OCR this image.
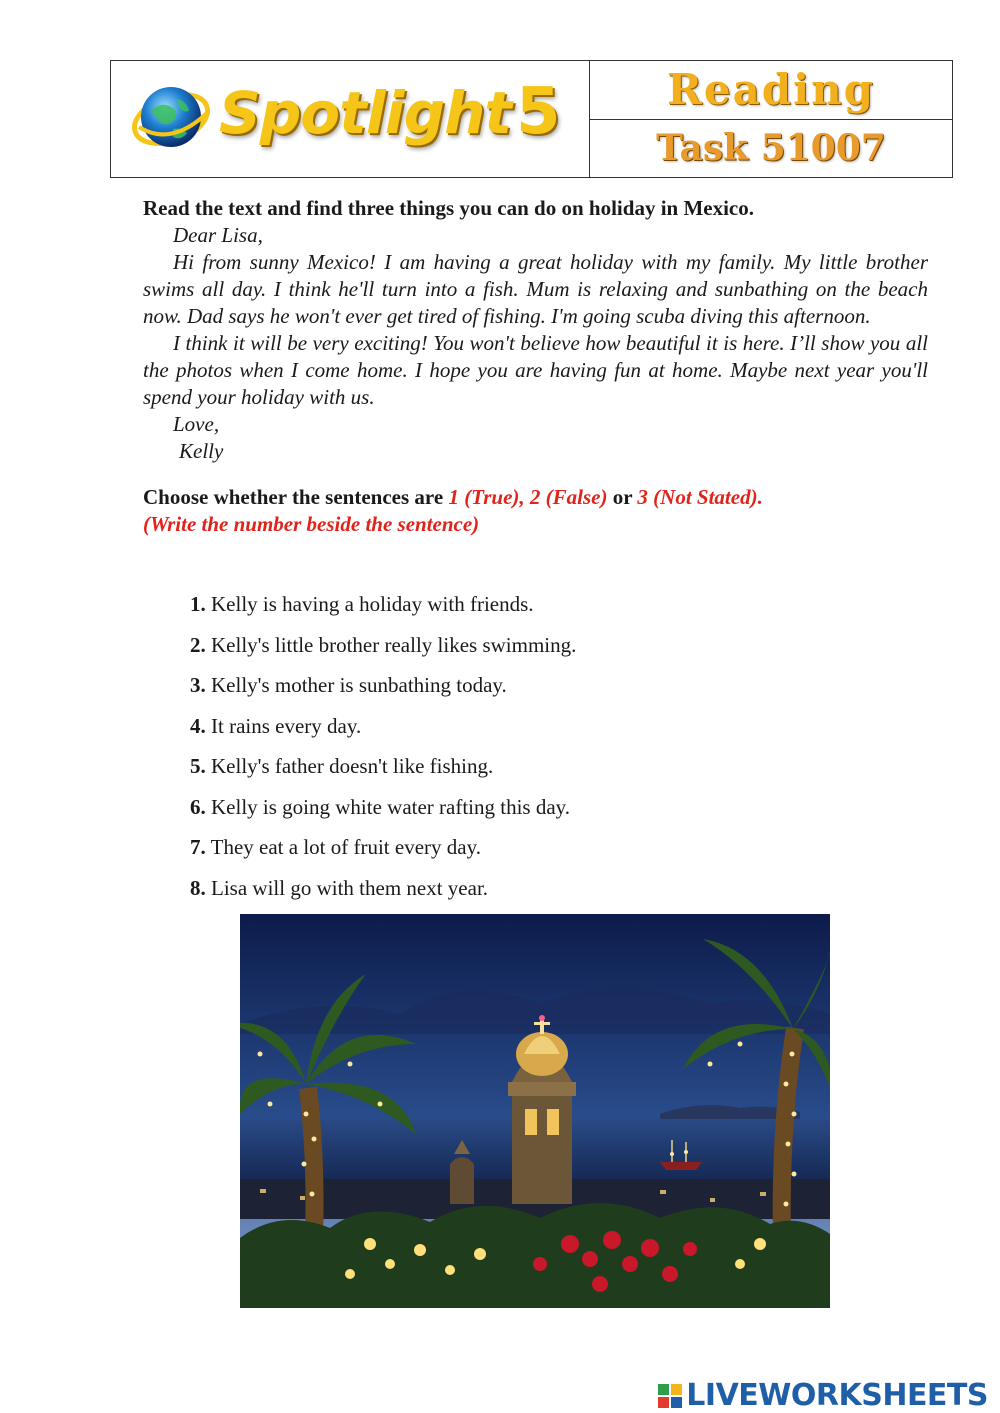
Spotlight 5	Reading
Task 51007
Read the text and find three things you can do on holiday in Mexico.

Dear Lisa,

Hi from sunny Mexico! I am having a great holiday with my family. My little brother swims all day. I think he'll turn into a fish. Mum is relaxing and sunbathing on the beach now. Dad says he won't ever get tired of fishing. I'm going scuba diving this afternoon.

I think it will be very exciting! You won't believe how beautiful it is here. I’ll show you all the photos when I come home. I hope you are having fun at home. Maybe next year you'll spend your holiday with us.

Love,

Kelly

Choose whether the sentences are 1 (True), 2 (False) or 3 (Not Stated).
(Write the number beside the sentence)
1. Kelly is having a holiday with friends.
2. Kelly's little brother really likes swimming.
3. Kelly's mother is sunbathing today.
4. It rains every day.
5. Kelly's father doesn't like fishing.
6. Kelly is going white water rafting this day.
7. They eat a lot of fruit every day.
8. Lisa will go with them next year.
LIVEWORKSHEETS
